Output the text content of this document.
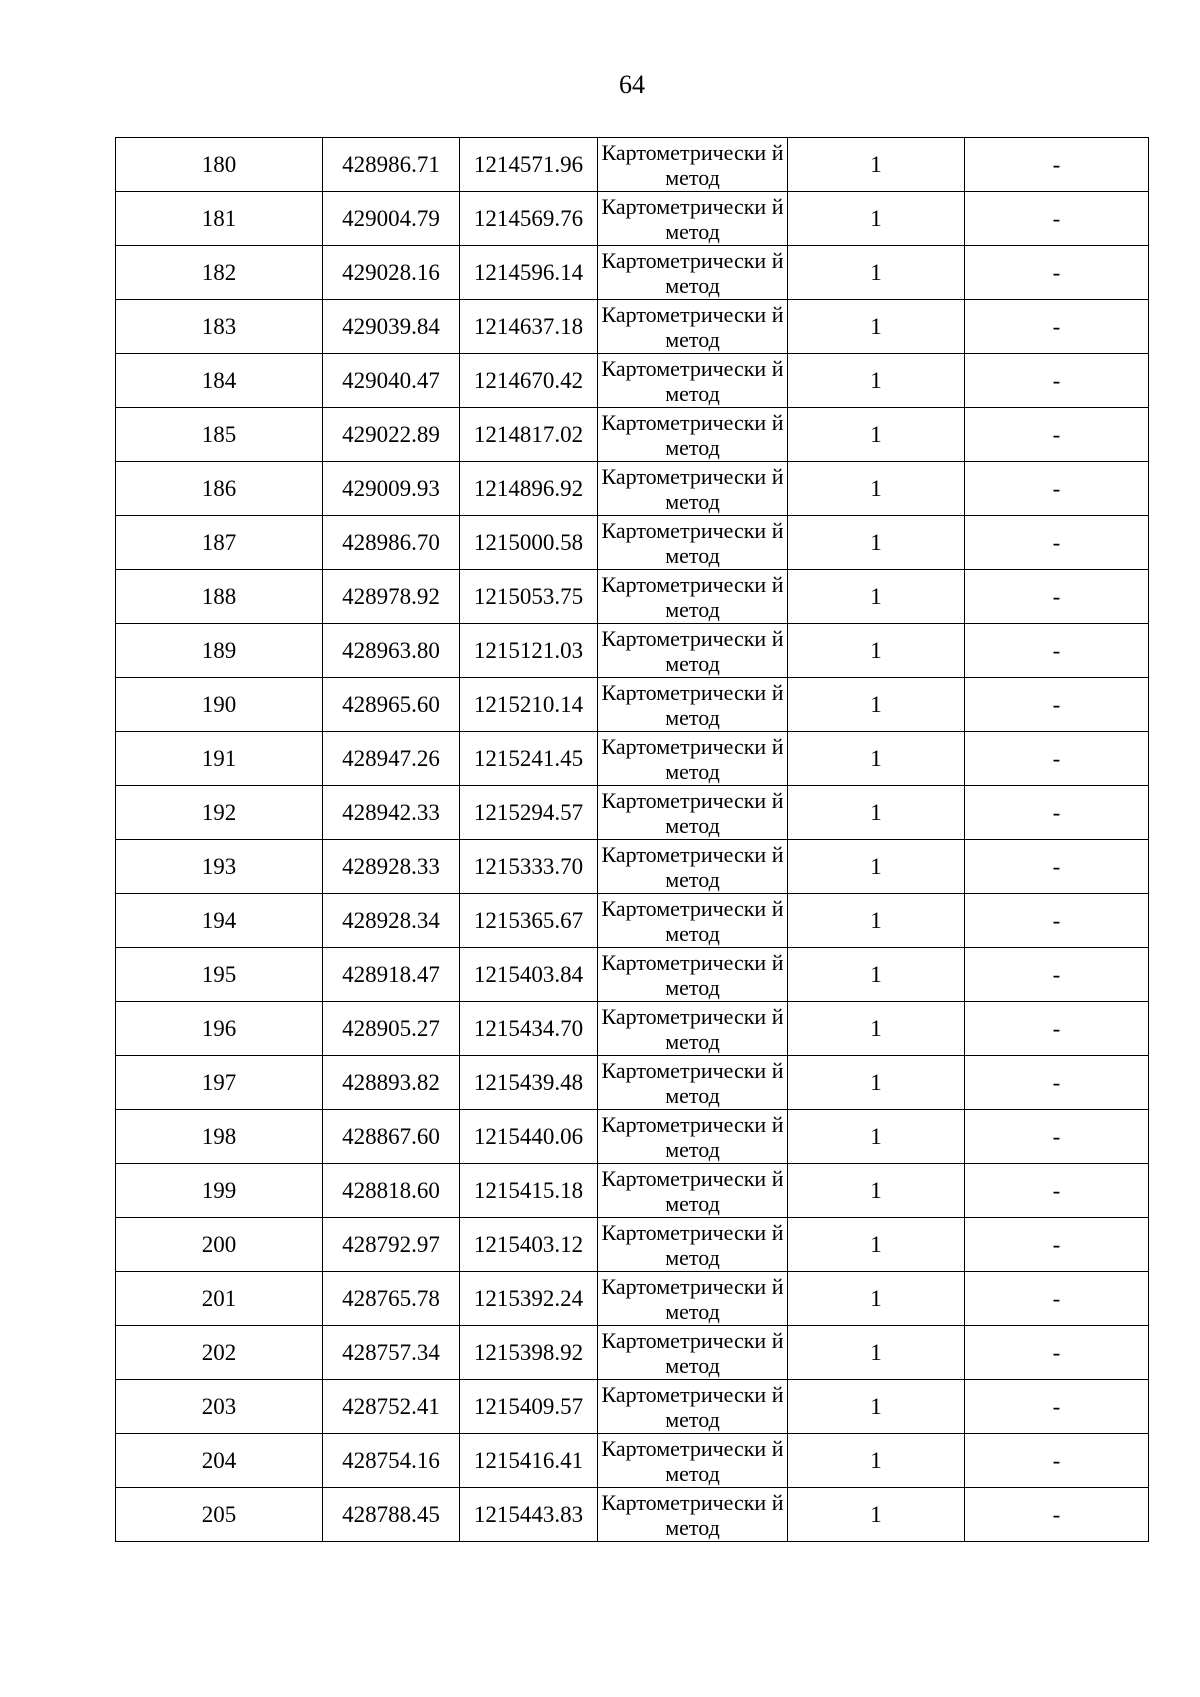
64
180	428986.71	1214571.96	Картометрически й метод	1	-
181	429004.79	1214569.76	Картометрически й метод	1	-
182	429028.16	1214596.14	Картометрически й метод	1	-
183	429039.84	1214637.18	Картометрически й метод	1	-
184	429040.47	1214670.42	Картометрически й метод	1	-
185	429022.89	1214817.02	Картометрически й метод	1	-
186	429009.93	1214896.92	Картометрически й метод	1	-
187	428986.70	1215000.58	Картометрически й метод	1	-
188	428978.92	1215053.75	Картометрически й метод	1	-
189	428963.80	1215121.03	Картометрически й метод	1	-
190	428965.60	1215210.14	Картометрически й метод	1	-
191	428947.26	1215241.45	Картометрически й метод	1	-
192	428942.33	1215294.57	Картометрически й метод	1	-
193	428928.33	1215333.70	Картометрически й метод	1	-
194	428928.34	1215365.67	Картометрически й метод	1	-
195	428918.47	1215403.84	Картометрически й метод	1	-
196	428905.27	1215434.70	Картометрически й метод	1	-
197	428893.82	1215439.48	Картометрически й метод	1	-
198	428867.60	1215440.06	Картометрически й метод	1	-
199	428818.60	1215415.18	Картометрически й метод	1	-
200	428792.97	1215403.12	Картометрически й метод	1	-
201	428765.78	1215392.24	Картометрически й метод	1	-
202	428757.34	1215398.92	Картометрически й метод	1	-
203	428752.41	1215409.57	Картометрически й метод	1	-
204	428754.16	1215416.41	Картометрически й метод	1	-
205	428788.45	1215443.83	Картометрически й метод	1	-
